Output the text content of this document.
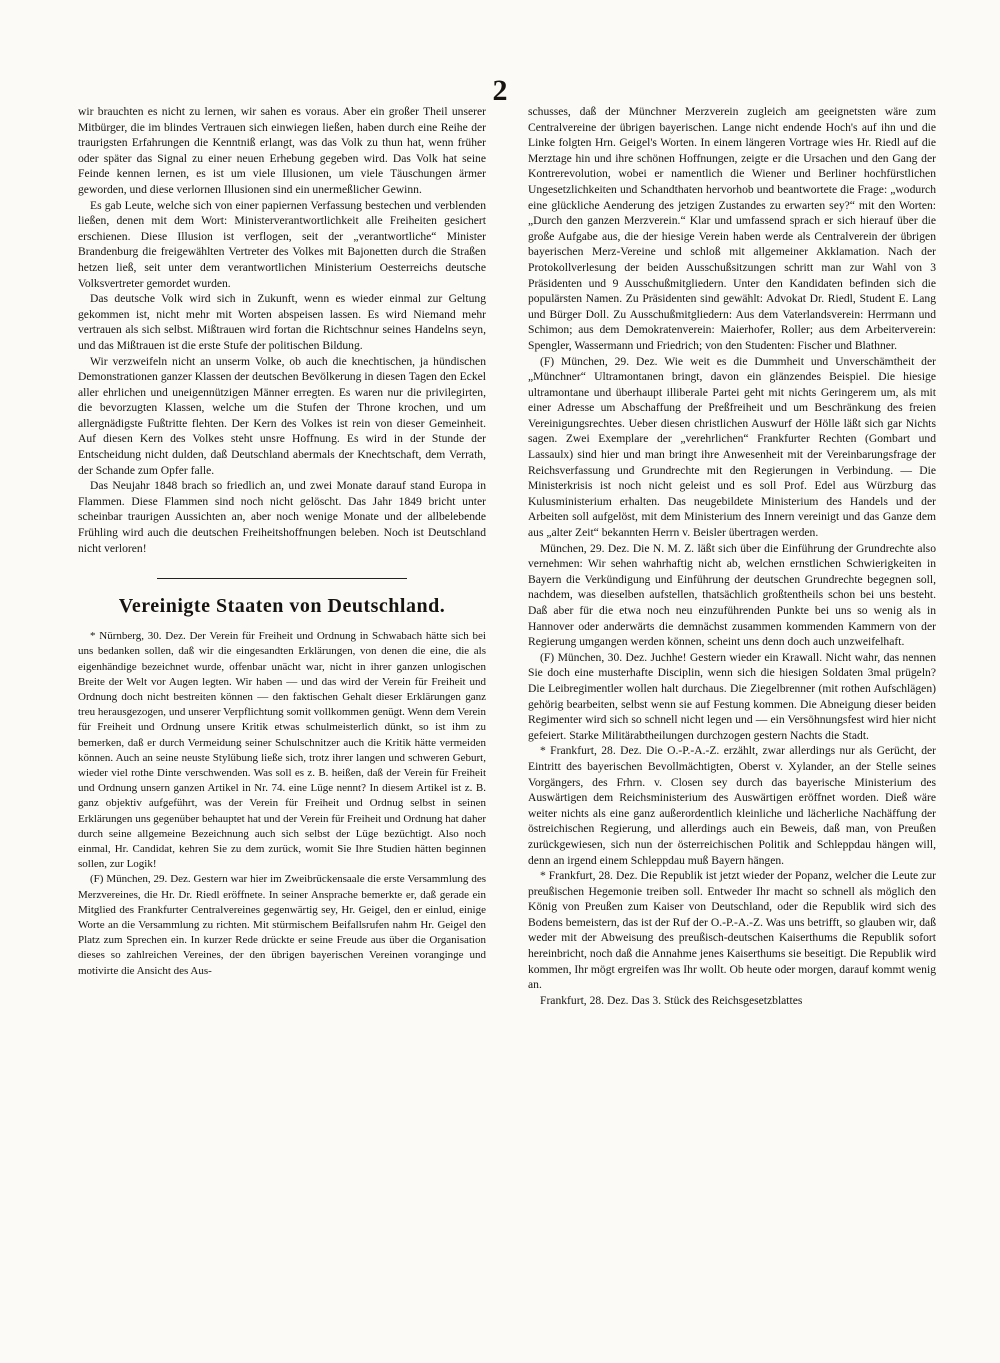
2

wir brauchten es nicht zu lernen, wir sahen es voraus. Aber ein großer Theil unserer Mitbürger, die im blindes Vertrauen sich einwiegen ließen, haben durch eine Reihe der traurigsten Erfahrungen die Kenntniß erlangt, was das Volk zu thun hat, wenn früher oder später das Signal zu einer neuen Erhebung gegeben wird. Das Volk hat seine Feinde kennen lernen, es ist um viele Illusionen, um viele Täuschungen ärmer geworden, und diese verlornen Illusionen sind ein unermeßlicher Gewinn.

Es gab Leute, welche sich von einer papiernen Verfassung bestechen und verblenden ließen, denen mit dem Wort: Ministerverantwortlichkeit alle Freiheiten gesichert erschienen. Diese Illusion ist verflogen, seit der „verantwortliche“ Minister Brandenburg die freigewählten Vertreter des Volkes mit Bajonetten durch die Straßen hetzen ließ, seit unter dem verantwortlichen Ministerium Oesterreichs deutsche Volksvertreter gemordet wurden.

Das deutsche Volk wird sich in Zukunft, wenn es wieder einmal zur Geltung gekommen ist, nicht mehr mit Worten abspeisen lassen. Es wird Niemand mehr vertrauen als sich selbst. Mißtrauen wird fortan die Richtschnur seines Handelns seyn, und das Mißtrauen ist die erste Stufe der politischen Bildung.

Wir verzweifeln nicht an unserm Volke, ob auch die knechtischen, ja hündischen Demonstrationen ganzer Klassen der deutschen Bevölkerung in diesen Tagen den Eckel aller ehrlichen und uneigennützigen Männer erregten. Es waren nur die privilegirten, die bevorzugten Klassen, welche um die Stufen der Throne krochen, und um allergnädigste Fußtritte flehten. Der Kern des Volkes ist rein von dieser Gemeinheit. Auf diesen Kern des Volkes steht unsre Hoffnung. Es wird in der Stunde der Entscheidung nicht dulden, daß Deutschland abermals der Knechtschaft, dem Verrath, der Schande zum Opfer falle.

Das Neujahr 1848 brach so friedlich an, und zwei Monate darauf stand Europa in Flammen. Diese Flammen sind noch nicht gelöscht. Das Jahr 1849 bricht unter scheinbar traurigen Aussichten an, aber noch wenige Monate und der allbelebende Frühling wird auch die deutschen Freiheitshoffnungen beleben. Noch ist Deutschland nicht verloren!

Vereinigte Staaten von Deutschland.

* Nürnberg, 30. Dez. Der Verein für Freiheit und Ordnung in Schwabach hätte sich bei uns bedanken sollen, daß wir die eingesandten Erklärungen, von denen die eine, die als eigenhändige bezeichnet wurde, offenbar unächt war, nicht in ihrer ganzen unlogischen Breite der Welt vor Augen legten. Wir haben — und das wird der Verein für Freiheit und Ordnung doch nicht bestreiten können — den faktischen Gehalt dieser Erklärungen ganz treu herausgezogen, und unserer Verpflichtung somit vollkommen genügt. Wenn dem Verein für Freiheit und Ordnung unsere Kritik etwas schulmeisterlich dünkt, so ist ihm zu bemerken, daß er durch Vermeidung seiner Schulschnitzer auch die Kritik hätte vermeiden können. Auch an seine neuste Stylübung ließe sich, trotz ihrer langen und schweren Geburt, wieder viel rothe Dinte verschwenden. Was soll es z. B. heißen, daß der Verein für Freiheit und Ordnung unsern ganzen Artikel in Nr. 74. eine Lüge nennt? In diesem Artikel ist z. B. ganz objektiv aufgeführt, was der Verein für Freiheit und Ordnug selbst in seinen Erklärungen uns gegenüber behauptet hat und der Verein für Freiheit und Ordnung hat daher durch seine allgemeine Bezeichnung auch sich selbst der Lüge bezüchtigt. Also noch einmal, Hr. Candidat, kehren Sie zu dem zurück, womit Sie Ihre Studien hätten beginnen sollen, zur Logik!

(F) München, 29. Dez. Gestern war hier im Zweibrückensaale die erste Versammlung des Merzvereines, die Hr. Dr. Riedl eröffnete. In seiner Ansprache bemerkte er, daß gerade ein Mitglied des Frankfurter Centralvereines gegenwärtig sey, Hr. Geigel, den er einlud, einige Worte an die Versammlung zu richten. Mit stürmischem Beifallsrufen nahm Hr. Geigel den Platz zum Sprechen ein. In kurzer Rede drückte er seine Freude aus über die Organisation dieses so zahlreichen Vereines, der den übrigen bayerischen Vereinen voranginge und motivirte die Ansicht des Aus-

schusses, daß der Münchner Merzverein zugleich am geeignetsten wäre zum Centralvereine der übrigen bayerischen. Lange nicht endende Hoch's auf ihn und die Linke folgten Hrn. Geigel's Worten. In einem längeren Vortrage wies Hr. Riedl auf die Merztage hin und ihre schönen Hoffnungen, zeigte er die Ursachen und den Gang der Kontrerevolution, wobei er namentlich die Wiener und Berliner hochfürstlichen Ungesetzlichkeiten und Schandthaten hervorhob und beantwortete die Frage: „wodurch eine glückliche Aenderung des jetzigen Zustandes zu erwarten sey?“ mit den Worten: „Durch den ganzen Merzverein.“ Klar und umfassend sprach er sich hierauf über die große Aufgabe aus, die der hiesige Verein haben werde als Centralverein der übrigen bayerischen Merz-Vereine und schloß mit allgemeiner Akklamation. Nach der Protokollverlesung der beiden Ausschußsitzungen schritt man zur Wahl von 3 Präsidenten und 9 Ausschußmitgliedern. Unter den Kandidaten befinden sich die populärsten Namen. Zu Präsidenten sind gewählt: Advokat Dr. Riedl, Student E. Lang und Bürger Doll. Zu Ausschußmitgliedern: Aus dem Vaterlandsverein: Herrmann und Schimon; aus dem Demokratenverein: Maierhofer, Roller; aus dem Arbeiterverein: Spengler, Wassermann und Friedrich; von den Studenten: Fischer und Blathner.

(F) München, 29. Dez. Wie weit es die Dummheit und Unverschämtheit der „Münchner“ Ultramontanen bringt, davon ein glänzendes Beispiel. Die hiesige ultramontane und überhaupt illiberale Partei geht mit nichts Geringerem um, als mit einer Adresse um Abschaffung der Preßfreiheit und um Beschränkung des freien Vereinigungsrechtes. Ueber diesen christlichen Auswurf der Hölle läßt sich gar Nichts sagen. Zwei Exemplare der „verehrlichen“ Frankfurter Rechten (Gombart und Lassaulx) sind hier und man bringt ihre Anwesenheit mit der Vereinbarungsfrage der Reichsverfassung und Grundrechte mit den Regierungen in Verbindung. — Die Ministerkrisis ist noch nicht geleist und es soll Prof. Edel aus Würzburg das Kulusministerium erhalten. Das neugebildete Ministerium des Handels und der Arbeiten soll aufgelöst, mit dem Ministerium des Innern vereinigt und das Ganze dem aus „alter Zeit“ bekannten Herrn v. Beisler übertragen werden.

München, 29. Dez. Die N. M. Z. läßt sich über die Einführung der Grundrechte also vernehmen: Wir sehen wahrhaftig nicht ab, welchen ernstlichen Schwierigkeiten in Bayern die Verkündigung und Einführung der deutschen Grundrechte begegnen soll, nachdem, was dieselben aufstellen, thatsächlich großtentheils schon bei uns besteht. Daß aber für die etwa noch neu einzuführenden Punkte bei uns so wenig als in Hannover oder anderwärts die demnächst zusammen kommenden Kammern von der Regierung umgangen werden können, scheint uns denn doch auch unzweifelhaft.

(F) München, 30. Dez. Juchhe! Gestern wieder ein Krawall. Nicht wahr, das nennen Sie doch eine musterhafte Disciplin, wenn sich die hiesigen Soldaten 3mal prügeln? Die Leibregimentler wollen halt durchaus. Die Ziegelbrenner (mit rothen Aufschlägen) gehörig bearbeiten, selbst wenn sie auf Festung kommen. Die Abneigung dieser beiden Regimenter wird sich so schnell nicht legen und — ein Versöhnungsfest wird hier nicht gefeiert. Starke Militärabtheilungen durchzogen gestern Nachts die Stadt.

* Frankfurt, 28. Dez. Die O.-P.-A.-Z. erzählt, zwar allerdings nur als Gerücht, der Eintritt des bayerischen Bevollmächtigten, Oberst v. Xylander, an der Stelle seines Vorgängers, des Frhrn. v. Closen sey durch das bayerische Ministerium des Auswärtigen dem Reichsministerium des Auswärtigen eröffnet worden. Dieß wäre weiter nichts als eine ganz außerordentlich kleinliche und lächerliche Nachäffung der östreichischen Regierung, und allerdings auch ein Beweis, daß man, von Preußen zurückgewiesen, sich nun der österreichischen Politik and Schleppdau hängen will, denn an irgend einem Schleppdau muß Bayern hängen.

* Frankfurt, 28. Dez. Die Republik ist jetzt wieder der Popanz, welcher die Leute zur preußischen Hegemonie treiben soll. Entweder Ihr macht so schnell als möglich den König von Preußen zum Kaiser von Deutschland, oder die Republik wird sich des Bodens bemeistern, das ist der Ruf der O.-P.-A.-Z. Was uns betrifft, so glauben wir, daß weder mit der Abweisung des preußisch-deutschen Kaiserthums die Republik sofort hereinbricht, noch daß die Annahme jenes Kaiserthums sie beseitigt. Die Republik wird kommen, Ihr mögt ergreifen was Ihr wollt. Ob heute oder morgen, darauf kommt wenig an.

Frankfurt, 28. Dez. Das 3. Stück des Reichsgesetzblattes
